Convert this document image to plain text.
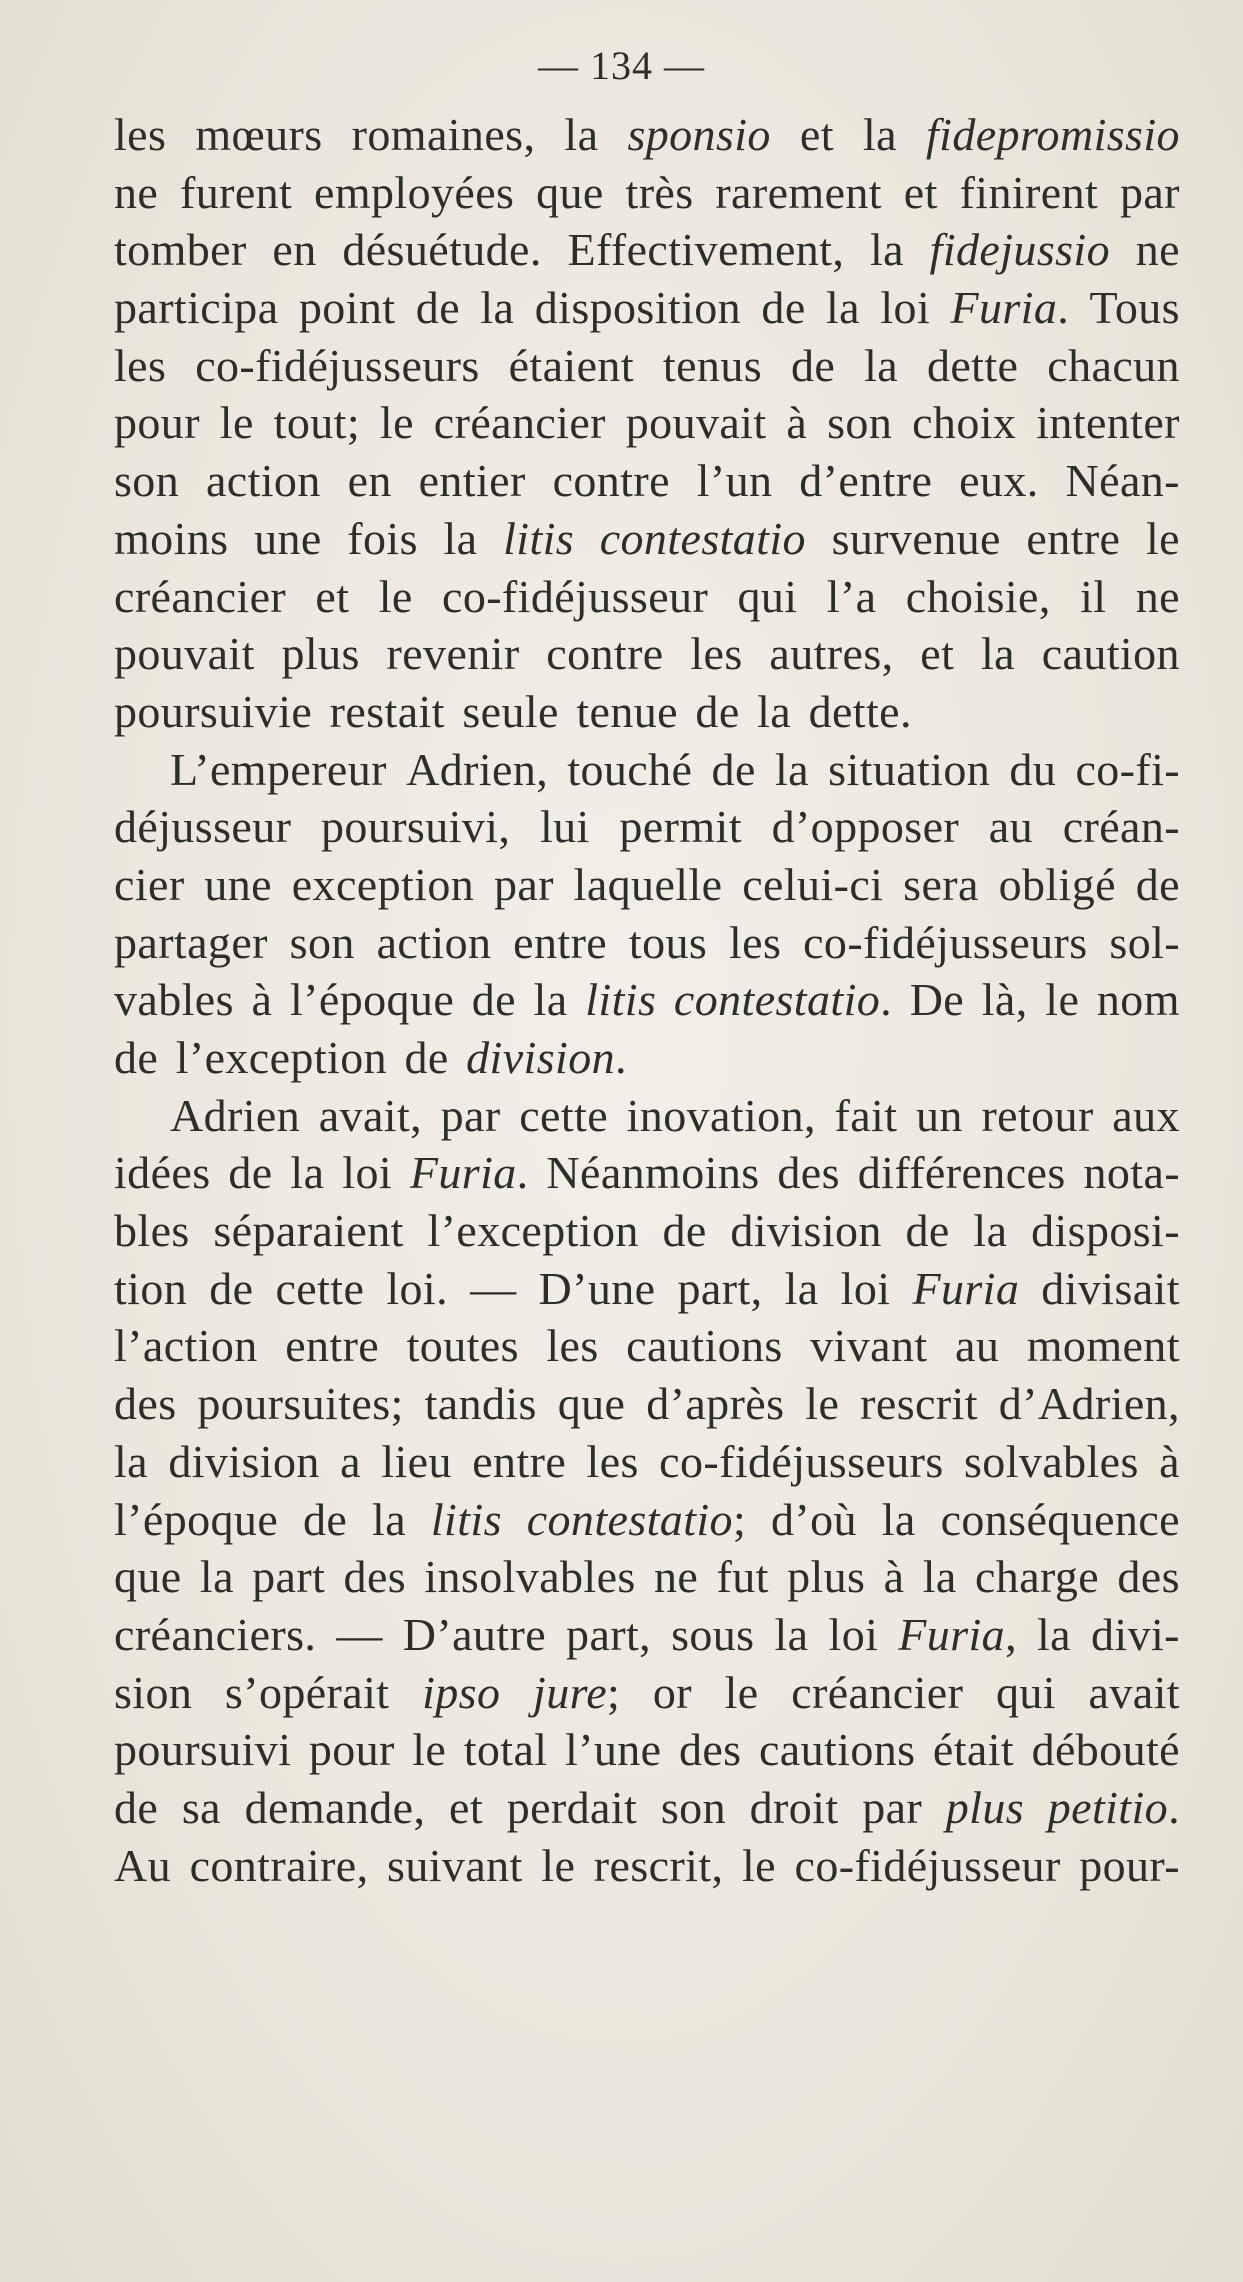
— 134 —
les mœurs romaines, la sponsio et la fidepromissio
ne furent employées que très rarement et finirent par
tomber en désuétude. Effectivement, la fidejussio ne
participa point de la disposition de la loi Furia. Tous
les co-fidéjusseurs étaient tenus de la dette chacun
pour le tout; le créancier pouvait à son choix intenter
son action en entier contre l’un d’entre eux. Néan-
moins une fois la litis contestatio survenue entre le
créancier et le co-fidéjusseur qui l’a choisie, il ne
pouvait plus revenir contre les autres, et la caution
poursuivie restait seule tenue de la dette.
L’empereur Adrien, touché de la situation du co-fi-
déjusseur poursuivi, lui permit d’opposer au créan-
cier une exception par laquelle celui-ci sera obligé de
partager son action entre tous les co-fidéjusseurs sol-
vables à l’époque de la litis contestatio. De là, le nom
de l’exception de division.
Adrien avait, par cette inovation, fait un retour aux
idées de la loi Furia. Néanmoins des différences nota-
bles séparaient l’exception de division de la disposi-
tion de cette loi. — D’une part, la loi Furia divisait
l’action entre toutes les cautions vivant au moment
des poursuites; tandis que d’après le rescrit d’Adrien,
la division a lieu entre les co-fidéjusseurs solvables à
l’époque de la litis contestatio; d’où la conséquence
que la part des insolvables ne fut plus à la charge des
créanciers. — D’autre part, sous la loi Furia, la divi-
sion s’opérait ipso jure; or le créancier qui avait
poursuivi pour le total l’une des cautions était débouté
de sa demande, et perdait son droit par plus petitio.
Au contraire, suivant le rescrit, le co-fidéjusseur pour-
